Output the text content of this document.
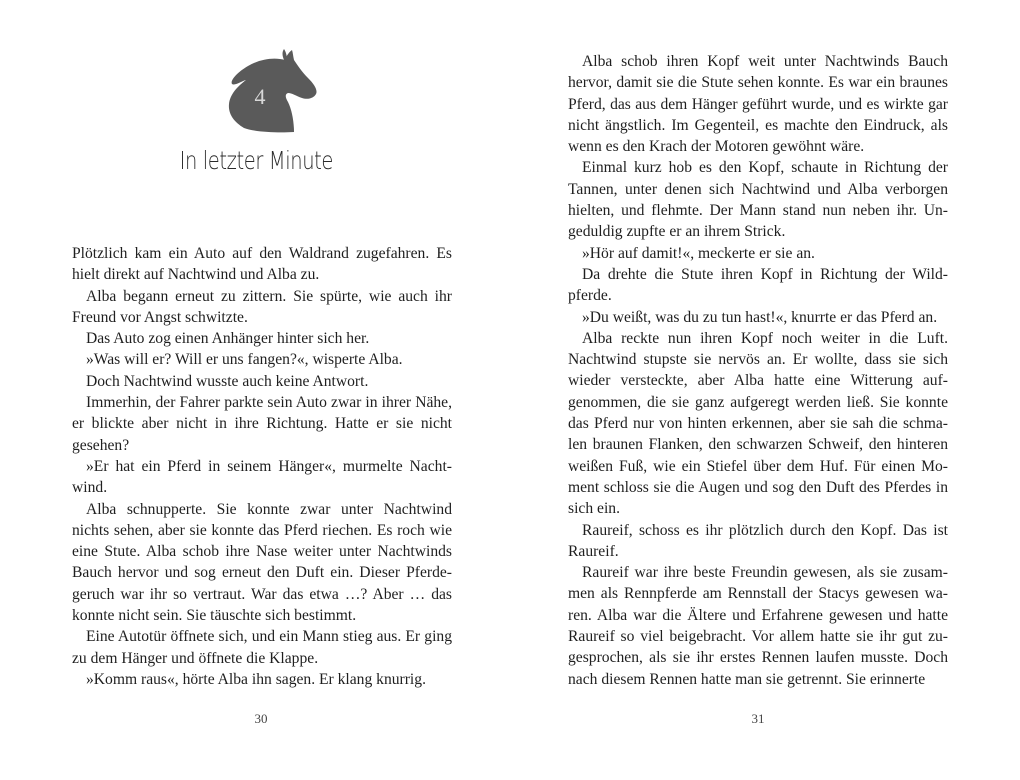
4
In letzter Minute

Plötzlich kam ein Auto auf den Waldrand zugefahren. Es hielt direkt auf Nachtwind und Alba zu.

Alba begann erneut zu zittern. Sie spürte, wie auch ihr Freund vor Angst schwitzte.

Das Auto zog einen Anhänger hinter sich her.

»Was will er? Will er uns fangen?«, wisperte Alba.

Doch Nachtwind wusste auch keine Antwort.

Immerhin, der Fahrer parkte sein Auto zwar in ihrer Nähe, er blickte aber nicht in ihre Richtung. Hatte er sie nicht gesehen?

»Er hat ein Pferd in seinem Hänger«, murmelte Nachtwind.

Alba schnupperte. Sie konnte zwar unter Nachtwind nichts sehen, aber sie konnte das Pferd riechen. Es roch wie eine Stute. Alba schob ihre Nase weiter unter Nachtwinds Bauch hervor und sog erneut den Duft ein. Dieser Pferdegeruch war ihr so vertraut. War das etwa …? Aber … das konnte nicht sein. Sie täuschte sich bestimmt.

Eine Autotür öffnete sich, und ein Mann stieg aus. Er ging zu dem Hänger und öffnete die Klappe.

»Komm raus«, hörte Alba ihn sagen. Er klang knurrig.

30	31

Alba schob ihren Kopf weit unter Nachtwinds Bauch hervor, damit sie die Stute sehen konnte. Es war ein braunes Pferd, das aus dem Hänger geführt wurde, und es wirkte gar nicht ängstlich. Im Gegenteil, es machte den Eindruck, als wenn es den Krach der Motoren gewöhnt wäre.

Einmal kurz hob es den Kopf, schaute in Richtung der Tannen, unter denen sich Nachtwind und Alba verborgen hielten, und flehmte. Der Mann stand nun neben ihr. Ungeduldig zupfte er an ihrem Strick.

»Hör auf damit!«, meckerte er sie an.

Da drehte die Stute ihren Kopf in Richtung der Wildpferde.

»Du weißt, was du zu tun hast!«, knurrte er das Pferd an.

Alba reckte nun ihren Kopf noch weiter in die Luft. Nachtwind stupste sie nervös an. Er wollte, dass sie sich wieder versteckte, aber Alba hatte eine Witterung aufgenommen, die sie ganz aufgeregt werden ließ. Sie konnte das Pferd nur von hinten erkennen, aber sie sah die schmalen braunen Flanken, den schwarzen Schweif, den hinteren weißen Fuß, wie ein Stiefel über dem Huf. Für einen Moment schloss sie die Augen und sog den Duft des Pferdes in sich ein.

Raureif, schoss es ihr plötzlich durch den Kopf. Das ist Raureif.

Raureif war ihre beste Freundin gewesen, als sie zusammen als Rennpferde am Rennstall der Stacys gewesen waren. Alba war die Ältere und Erfahrene gewesen und hatte Raureif so viel beigebracht. Vor allem hatte sie ihr gut zugesprochen, als sie ihr erstes Rennen laufen musste. Doch nach diesem Rennen hatte man sie getrennt. Sie erinnerte
